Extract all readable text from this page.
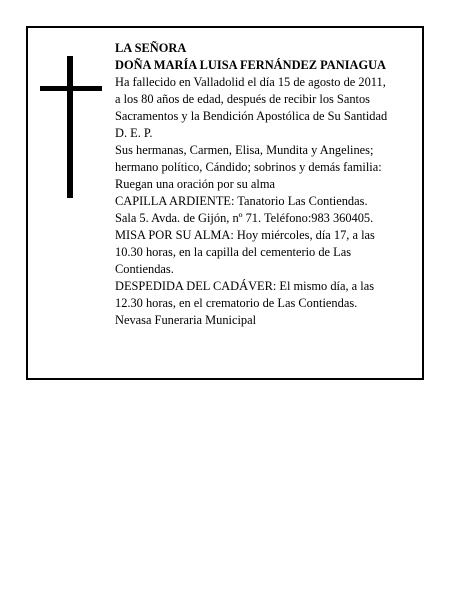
LA SEÑORA
DOÑA MARÍA LUISA FERNÁNDEZ PANIAGUA
Ha fallecido en Valladolid el día 15 de agosto de 2011,
a los 80 años de edad, después de recibir los Santos
Sacramentos y la Bendición Apostólica de Su Santidad
D. E. P.
Sus hermanas, Carmen, Elisa, Mundita y Angelines;
hermano político, Cándido; sobrinos y demás familia:
Ruegan una oración por su alma
CAPILLA ARDIENTE: Tanatorio Las Contiendas.
Sala 5. Avda. de Gijón, nº 71. Teléfono:983 360405.
MISA POR SU ALMA: Hoy miércoles, día 17, a las
10.30 horas, en la capilla del cementerio de Las
Contiendas.
DESPEDIDA DEL CADÁVER: El mismo día, a las
12.30 horas, en el crematorio de Las Contiendas.
Nevasa Funeraria Municipal
